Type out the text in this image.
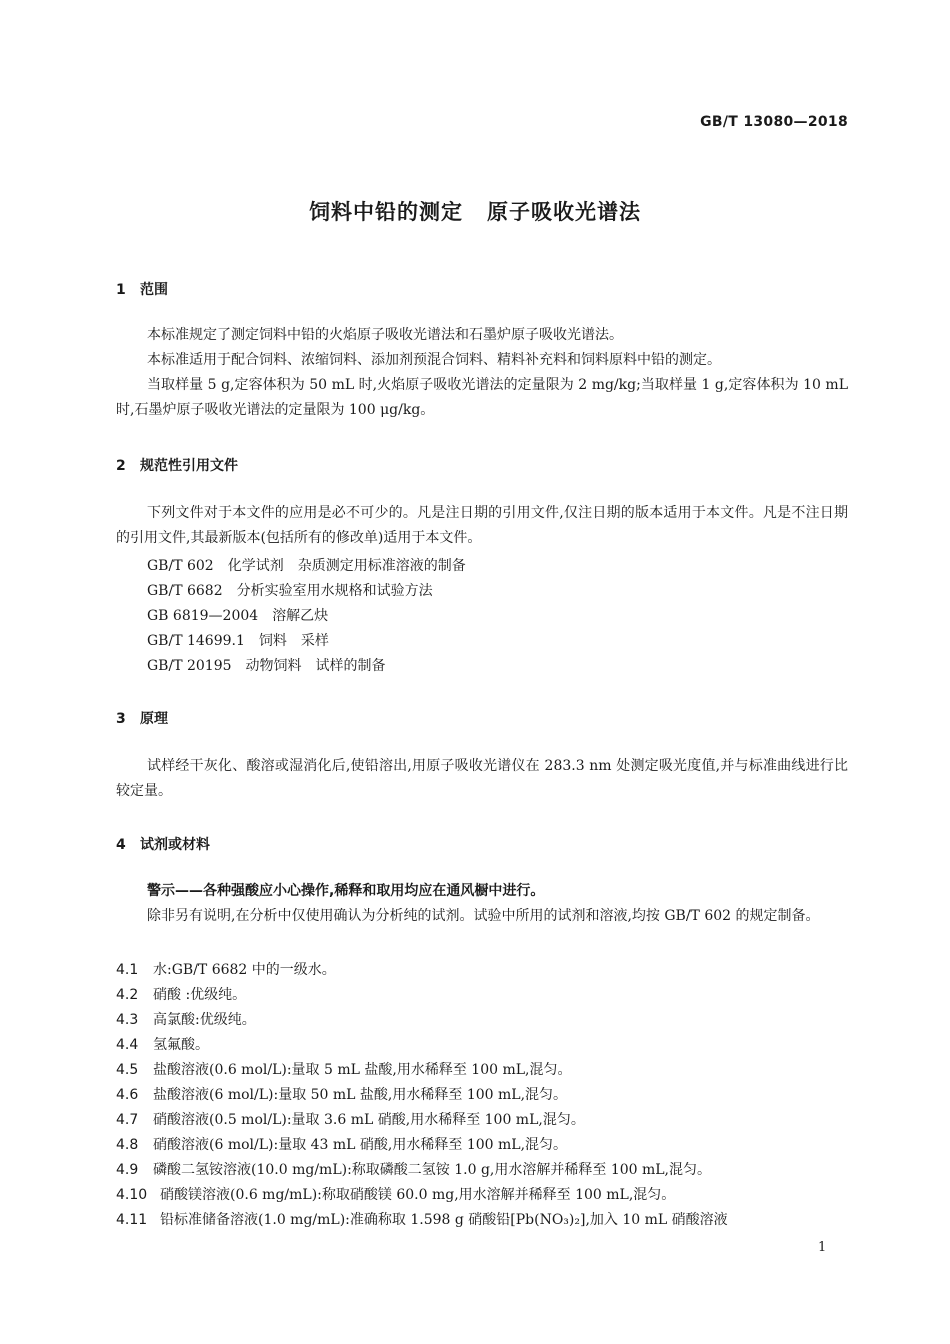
GB/T 13080—2018
饲料中铅的测定 原子吸收光谱法
1 范围
本标准规定了测定饲料中铅的火焰原子吸收光谱法和石墨炉原子吸收光谱法。
本标准适用于配合饲料、浓缩饲料、添加剂预混合饲料、精料补充料和饲料原料中铅的测定。
当取样量 5 g,定容体积为 50 mL 时,火焰原子吸收光谱法的定量限为 2 mg/kg;当取样量 1 g,定容体积为 10 mL 时,石墨炉原子吸收光谱法的定量限为 100 μg/kg。
2 规范性引用文件
下列文件对于本文件的应用是必不可少的。凡是注日期的引用文件,仅注日期的版本适用于本文件。凡是不注日期的引用文件,其最新版本(包括所有的修改单)适用于本文件。
GB/T 602 化学试剂　杂质测定用标准溶液的制备
GB/T 6682 分析实验室用水规格和试验方法
GB 6819—2004 溶解乙炔
GB/T 14699.1 饲料　采样
GB/T 20195 动物饲料　试样的制备
3 原理
试样经干灰化、酸溶或湿消化后,使铅溶出,用原子吸收光谱仪在 283.3 nm 处测定吸光度值,并与标准曲线进行比较定量。
4 试剂或材料
警示——各种强酸应小心操作,稀释和取用均应在通风橱中进行。
除非另有说明,在分析中仅使用确认为分析纯的试剂。试验中所用的试剂和溶液,均按 GB/T 602 的规定制备。
4.1 水:GB/T 6682 中的一级水。
4.2 硝酸 :优级纯。
4.3 高氯酸:优级纯。
4.4 氢氟酸。
4.5 盐酸溶液(0.6 mol/L):量取 5 mL 盐酸,用水稀释至 100 mL,混匀。
4.6 盐酸溶液(6 mol/L):量取 50 mL 盐酸,用水稀释至 100 mL,混匀。
4.7 硝酸溶液(0.5 mol/L):量取 3.6 mL 硝酸,用水稀释至 100 mL,混匀。
4.8 硝酸溶液(6 mol/L):量取 43 mL 硝酸,用水稀释至 100 mL,混匀。
4.9 磷酸二氢铵溶液(10.0 mg/mL):称取磷酸二氢铵 1.0 g,用水溶解并稀释至 100 mL,混匀。
4.10 硝酸镁溶液(0.6 mg/mL):称取硝酸镁 60.0 mg,用水溶解并稀释至 100 mL,混匀。
4.11 铅标准储备溶液(1.0 mg/mL):准确称取 1.598 g 硝酸铅[Pb(NO₃)₂],加入 10 mL 硝酸溶液
1
